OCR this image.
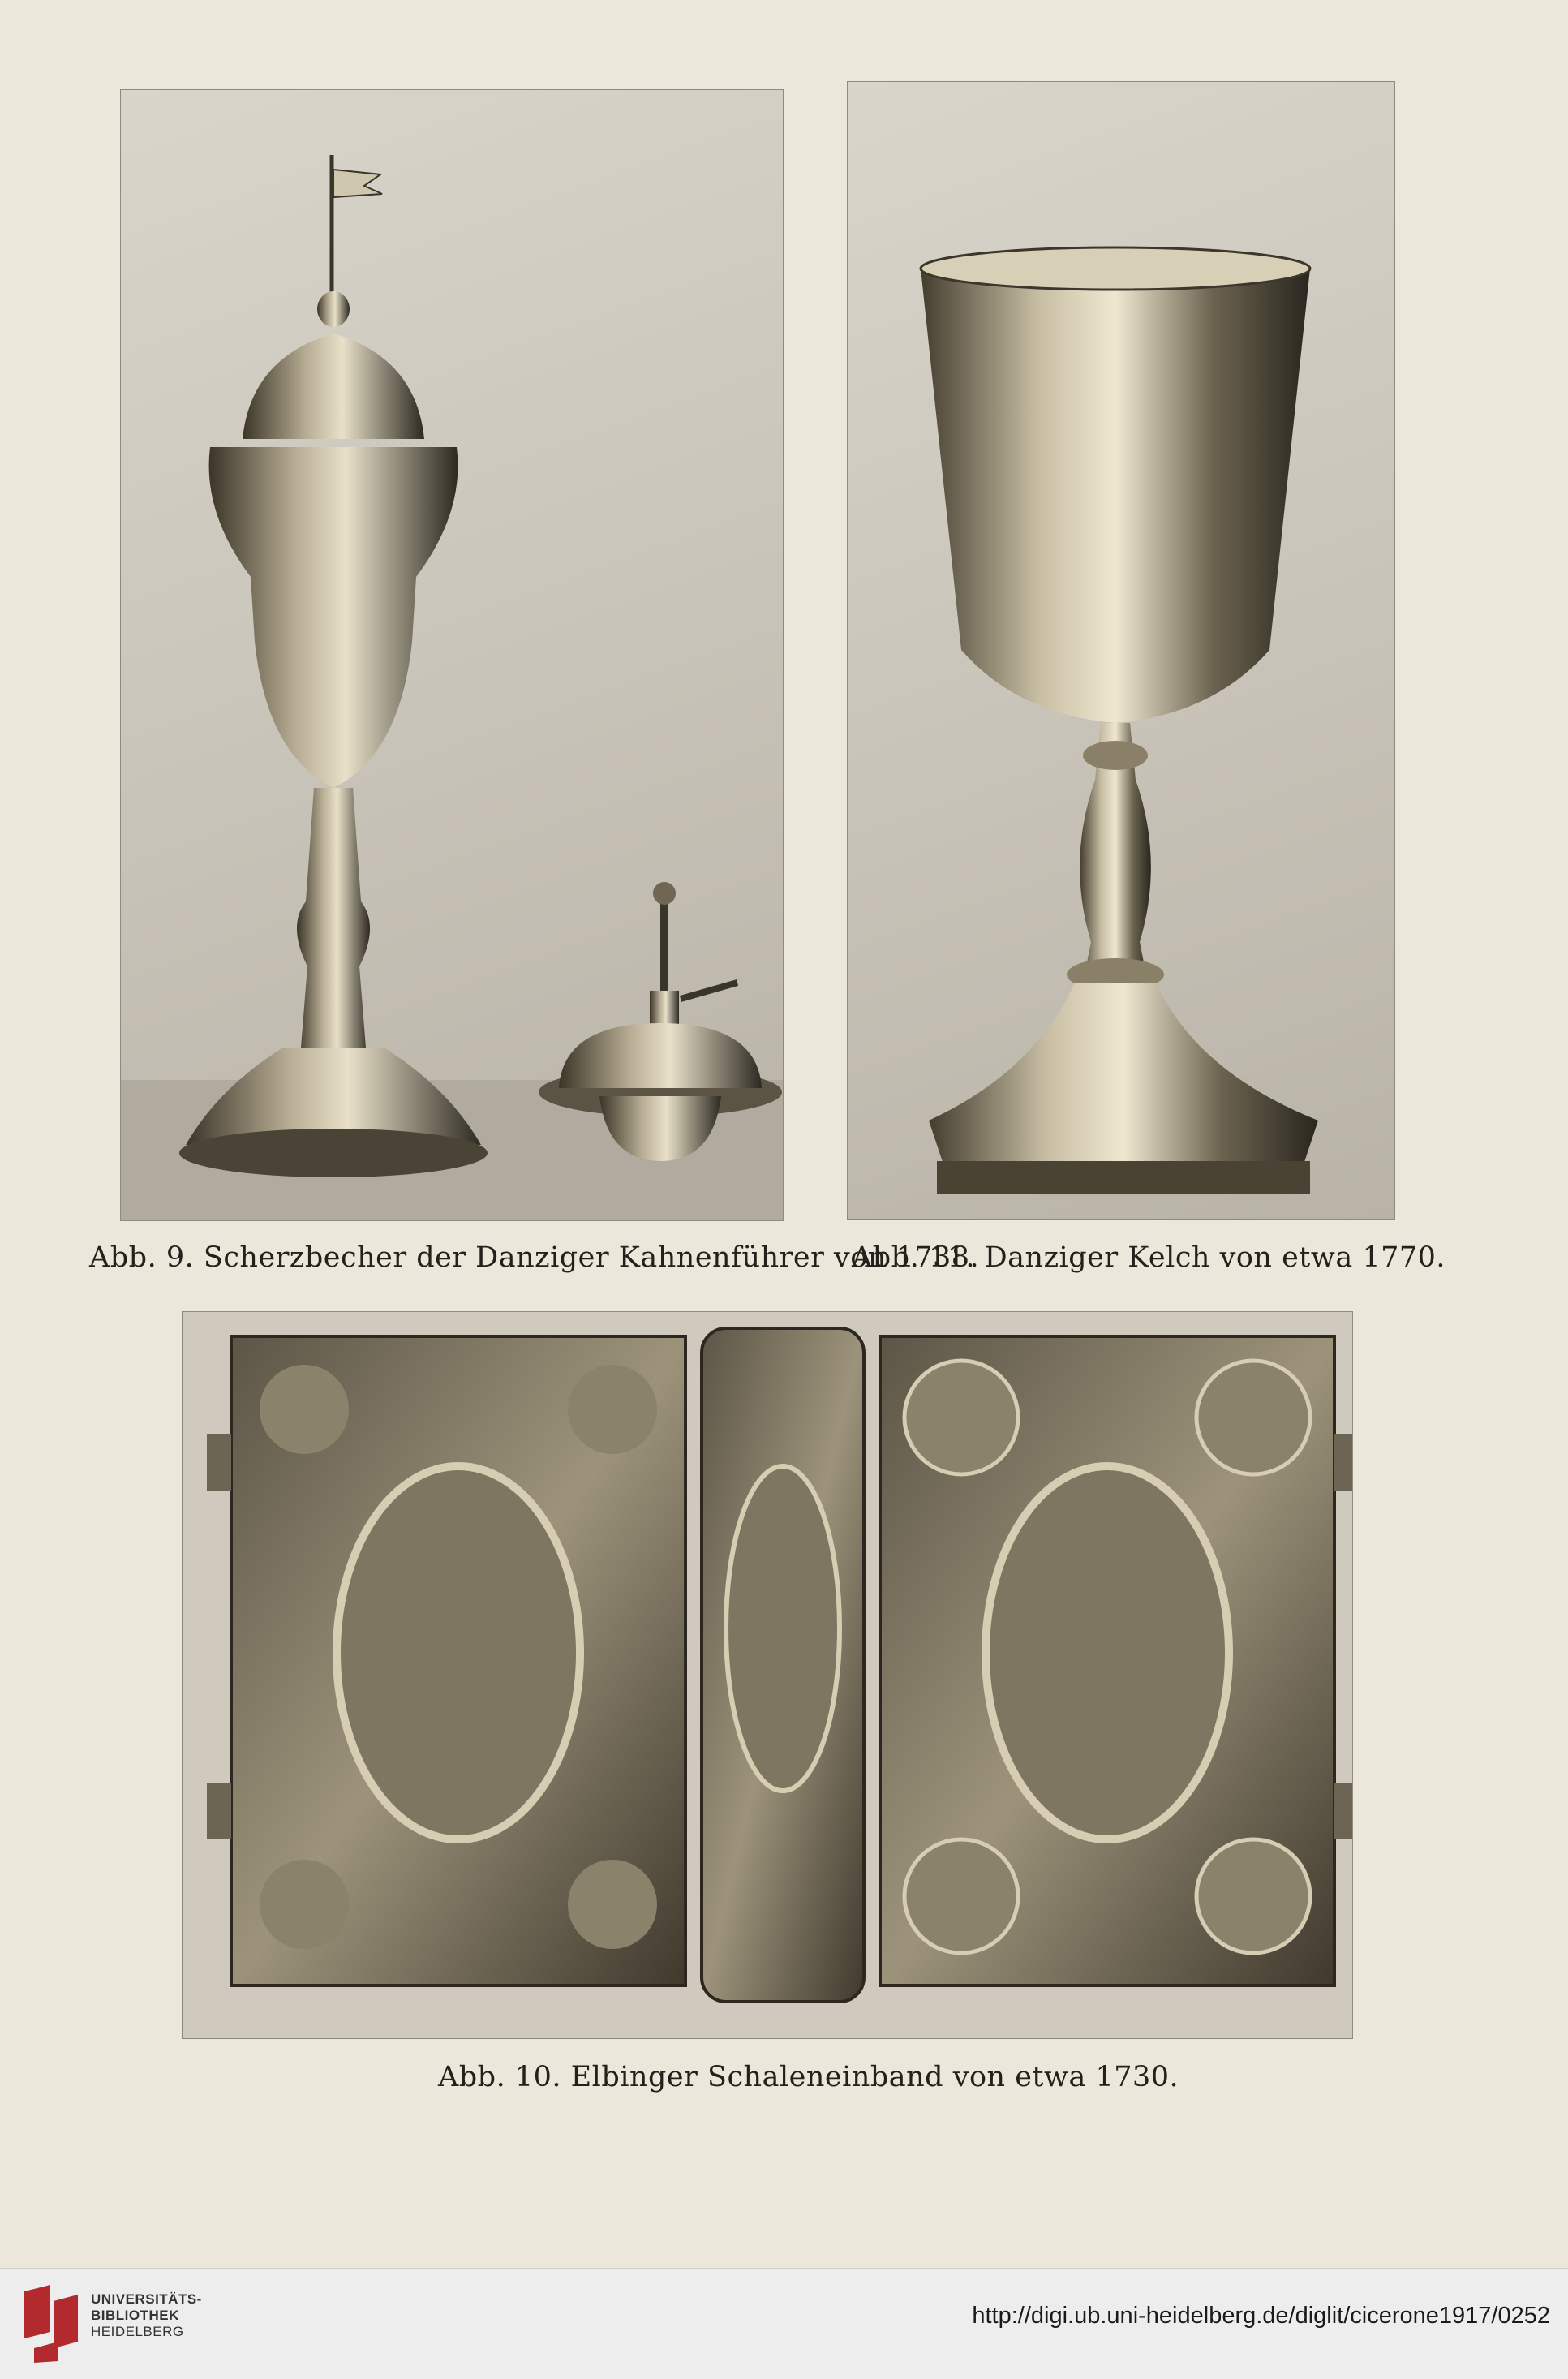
Abb. 9. Scherzbecher der Danziger Kahnenführer von 1738.
Abb. 11. Danziger Kelch von etwa 1770.
Abb. 10. Elbinger Schaleneinband von etwa 1730.
UNIVERSITÄTS-
BIBLIOTHEK
HEIDELBERG
http://digi.ub.uni-heidelberg.de/diglit/cicerone1917/0252
